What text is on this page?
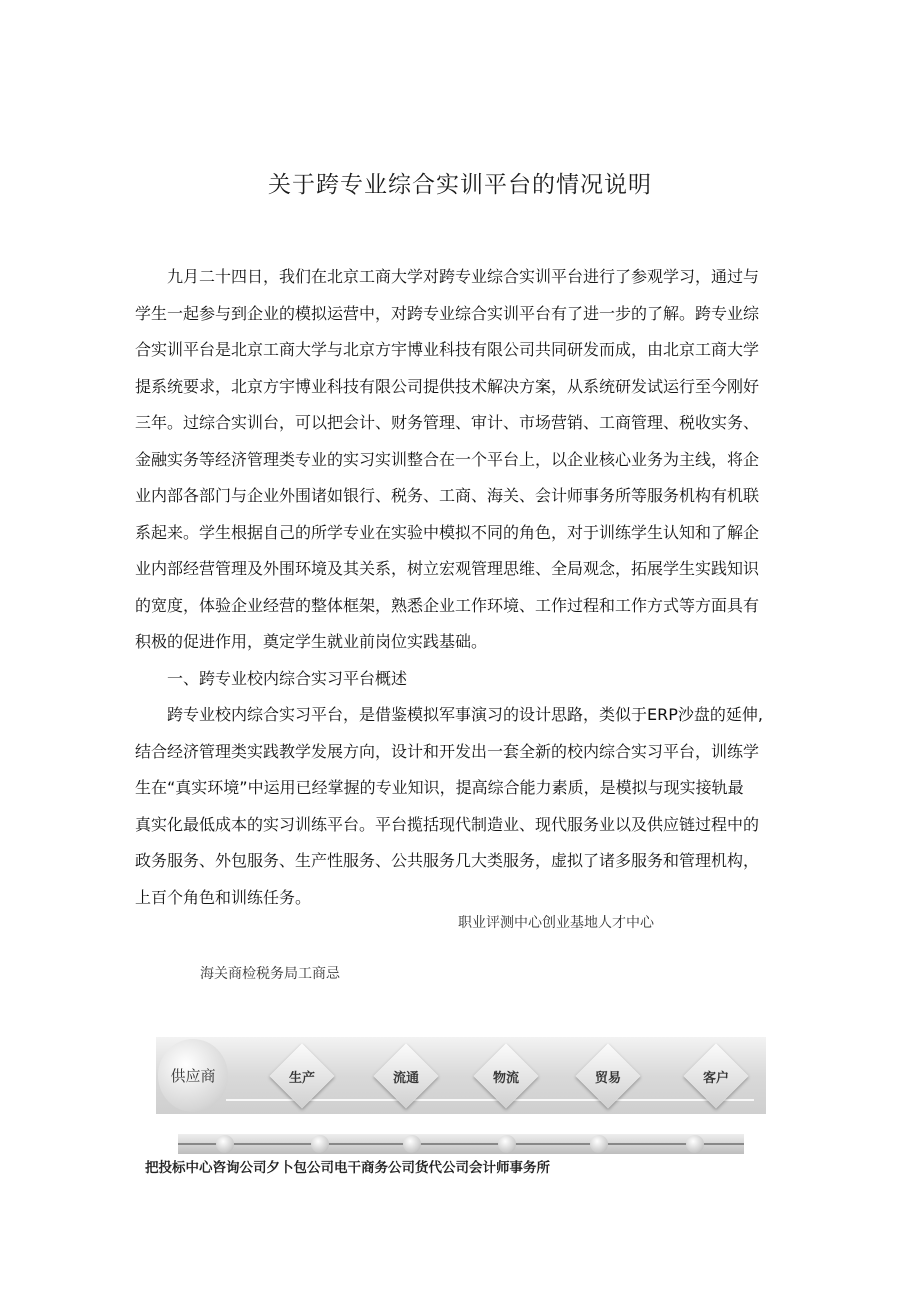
关于跨专业综合实训平台的情况说明
九月二十四日，我们在北京工商大学对跨专业综合实训平台进行了参观学习，通过与
学生一起参与到企业的模拟运营中，对跨专业综合实训平台有了进一步的了解。跨专业综
合实训平台是北京工商大学与北京方宇博业科技有限公司共同研发而成，由北京工商大学
提系统要求，北京方宇博业科技有限公司提供技术解决方案，从系统研发试运行至今刚好
三年。过综合实训台，可以把会计、财务管理、审计、市场营销、工商管理、税收实务、
金融实务等经济管理类专业的实习实训整合在一个平台上，以企业核心业务为主线，将企
业内部各部门与企业外围诸如银行、税务、工商、海关、会计师事务所等服务机构有机联
系起来。学生根据自己的所学专业在实验中模拟不同的角色，对于训练学生认知和了解企
业内部经营管理及外围环境及其关系，树立宏观管理思维、全局观念，拓展学生实践知识
的宽度，体验企业经营的整体框架，熟悉企业工作环境、工作过程和工作方式等方面具有
积极的促进作用，奠定学生就业前岗位实践基础。
一、跨专业校内综合实习平台概述
跨专业校内综合实习平台，是借鉴模拟军事演习的设计思路，类似于ERP沙盘的延伸,
结合经济管理类实践教学发展方向，设计和开发出一套全新的校内综合实习平台，训练学
生在“真实环境”中运用已经掌握的专业知识，提高综合能力素质，是模拟与现实接轨最
真实化最低成本的实习训练平台。平台揽括现代制造业、现代服务业以及供应链过程中的
政务服务、外包服务、生产性服务、公共服务几大类服务，虚拟了诸多服务和管理机构，
上百个角色和训练任务。
职业评测中心创业基地人才中心
海关商检税务局工商忌
供应商	生产	流通	物流	贸易	客户
把投标中心咨询公司夕卜包公司电干商务公司货代公司会计师事务所
